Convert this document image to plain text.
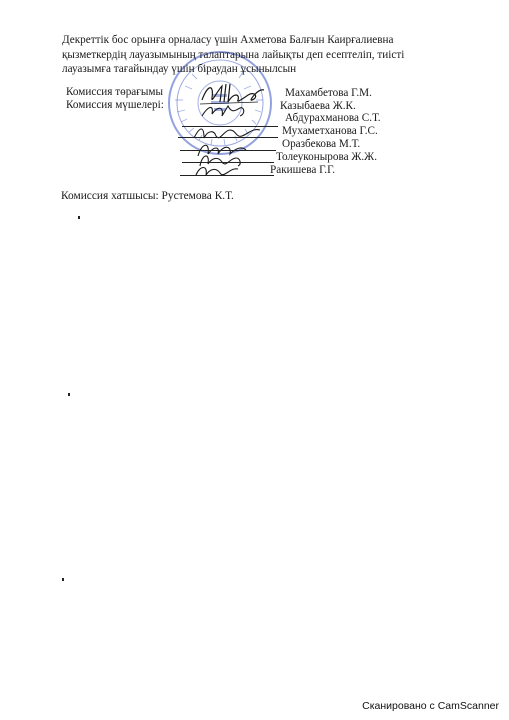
Декреттік бос орынға орналасу үшін Ахметова Балғын Каирғалиевна
қызметкердің лауазымының талаптарына лайықты деп есептеліп, тиісті
лауазымға тағайындау үшін біраудан ұсынылсын
Комиссия төрағымы
Комиссия мүшелері:
Махамбетова Г.М.
Казыбаева Ж.К.
Абдурахманова С.Т.
Мухаметханова Г.С.
Оразбекова М.Т.
Толеуконырова Ж.Ж.
Ракишева Г.Г.
Комиссия хатшысы: Рустемова К.Т.
Сканировано с CamScanner
